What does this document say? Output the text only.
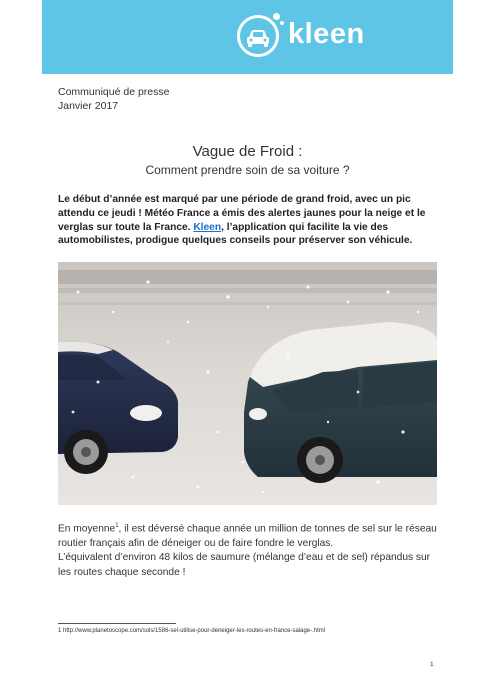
kleen
Communiqué de presse
Janvier 2017
Vague de Froid :
Comment prendre soin de sa voiture ?
Le début d’année est marqué par une période de grand froid, avec un pic attendu ce jeudi ! Météo France a émis des alertes jaunes pour la neige et le verglas sur toute la France. Kleen, l’application qui facilite la vie des automobilistes, prodigue quelques conseils pour préserver son véhicule.
En moyenne$^1$, il est déversé chaque année un million de tonnes de sel sur le réseau routier français afin de déneiger ou de faire fondre le verglas.
L’équivalent d’environ 48 kilos de saumure (mélange d’eau et de sel) répandus sur les routes chaque seconde !
1 http://www.planetoscope.com/sols/1586-sel-utilise-pour-deneiger-les-routes-en-france-salage-.html
1
